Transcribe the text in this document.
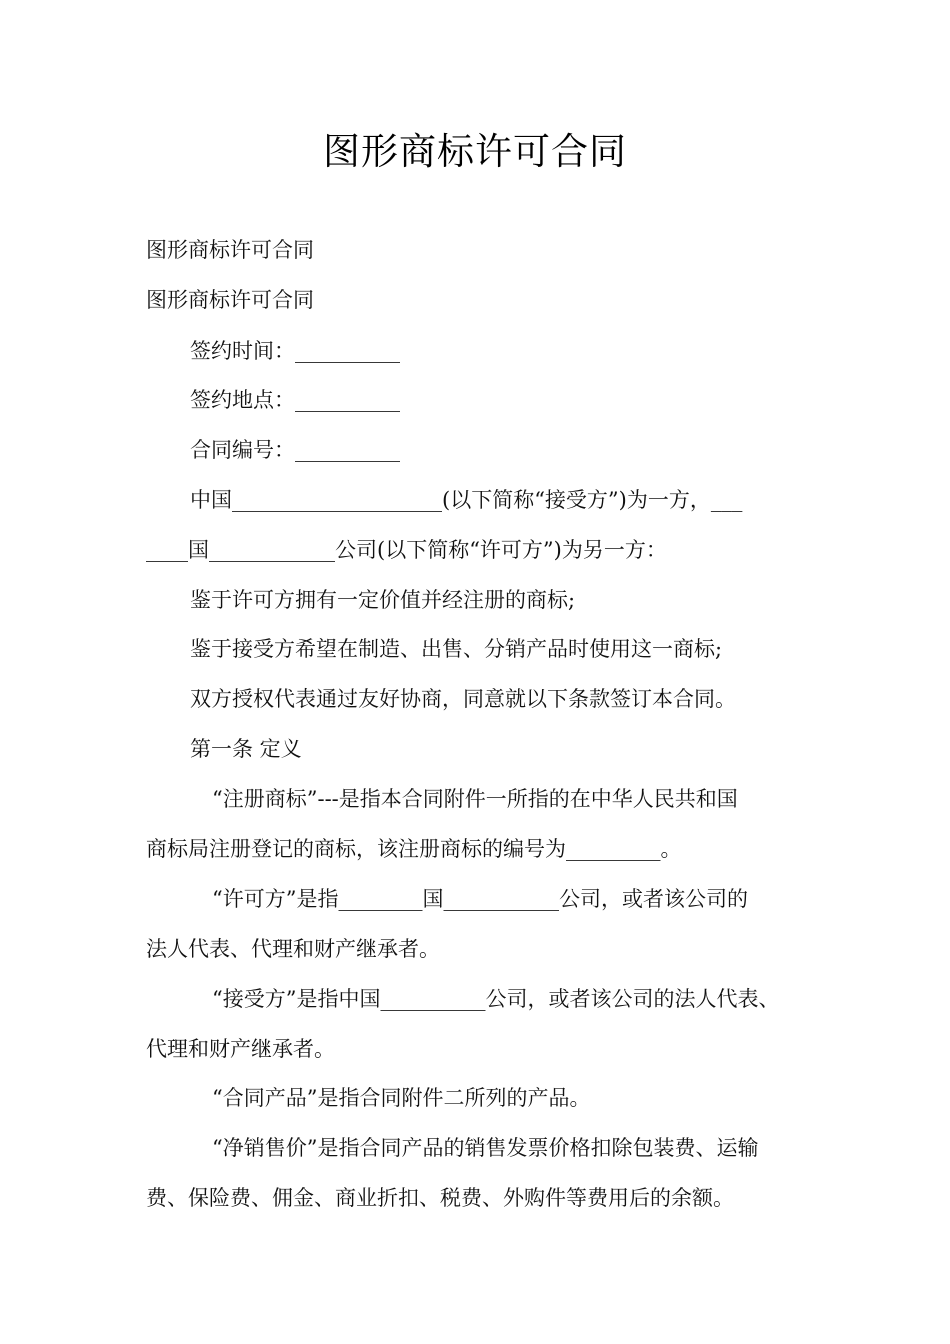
图形商标许可合同
图形商标许可合同
图形商标许可合同
签约时间：__________
签约地点：__________
合同编号：__________
中国____________________(以下简称“接受方”)为一方，___
____国____________公司(以下简称“许可方”)为另一方：
鉴于许可方拥有一定价值并经注册的商标;
鉴于接受方希望在制造、出售、分销产品时使用这一商标;
双方授权代表通过友好协商，同意就以下条款签订本合同。
第一条 定义
“注册商标”---是指本合同附件一所指的在中华人民共和国
商标局注册登记的商标，该注册商标的编号为_________。
“许可方”是指________国___________公司，或者该公司的
法人代表、代理和财产继承者。
“接受方”是指中国__________公司，或者该公司的法人代表、
代理和财产继承者。
“合同产品”是指合同附件二所列的产品。
“净销售价”是指合同产品的销售发票价格扣除包装费、运输
费、保险费、佣金、商业折扣、税费、外购件等费用后的余额。
